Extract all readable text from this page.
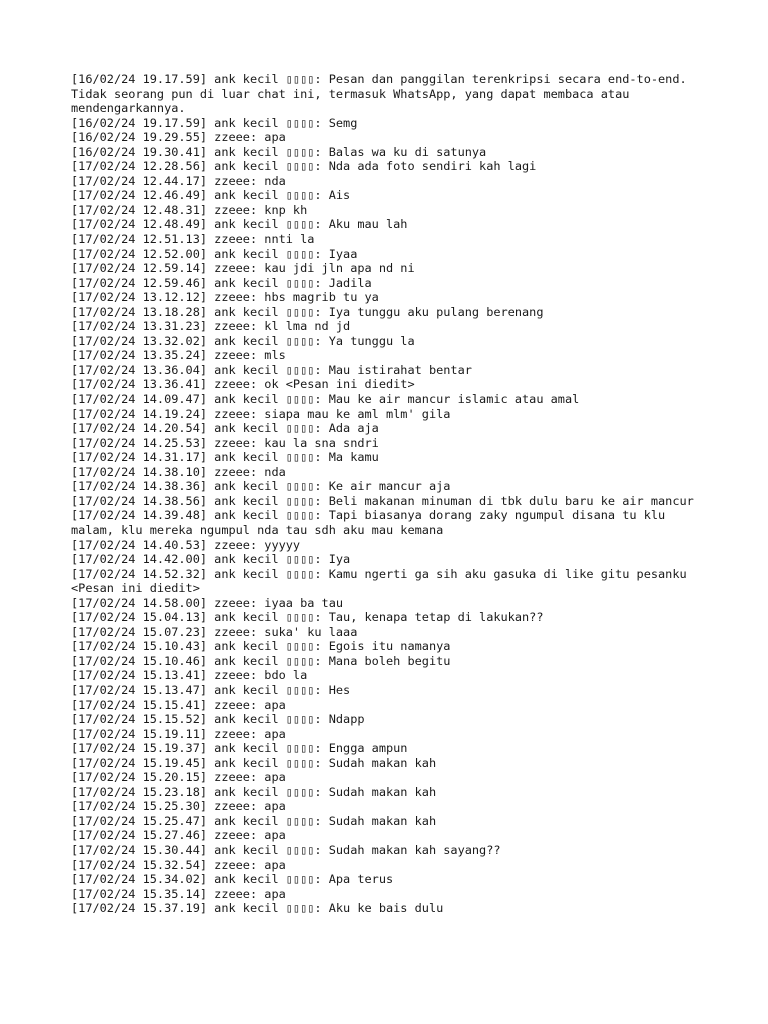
[16/02/24 19.17.59] ank kecil ▯▯▯▯: Pesan dan panggilan terenkripsi secara end-to-end. Tidak seorang pun di luar chat ini, termasuk WhatsApp, yang dapat membaca atau mendengarkannya.
[16/02/24 19.17.59] ank kecil ▯▯▯▯: Semg
[16/02/24 19.29.55] zzeee: apa
[16/02/24 19.30.41] ank kecil ▯▯▯▯: Balas wa ku di satunya
[17/02/24 12.28.56] ank kecil ▯▯▯▯: Nda ada foto sendiri kah lagi
[17/02/24 12.44.17] zzeee: nda
[17/02/24 12.46.49] ank kecil ▯▯▯▯: Ais
[17/02/24 12.48.31] zzeee: knp kh
[17/02/24 12.48.49] ank kecil ▯▯▯▯: Aku mau lah
[17/02/24 12.51.13] zzeee: nnti la
[17/02/24 12.52.00] ank kecil ▯▯▯▯: Iyaa
[17/02/24 12.59.14] zzeee: kau jdi jln apa nd ni
[17/02/24 12.59.46] ank kecil ▯▯▯▯: Jadila
[17/02/24 13.12.12] zzeee: hbs magrib tu ya
[17/02/24 13.18.28] ank kecil ▯▯▯▯: Iya tunggu aku pulang berenang
[17/02/24 13.31.23] zzeee: kl lma nd jd
[17/02/24 13.32.02] ank kecil ▯▯▯▯: Ya tunggu la
[17/02/24 13.35.24] zzeee: mls
[17/02/24 13.36.04] ank kecil ▯▯▯▯: Mau istirahat bentar
[17/02/24 13.36.41] zzeee: ok <Pesan ini diedit>
[17/02/24 14.09.47] ank kecil ▯▯▯▯: Mau ke air mancur islamic atau amal
[17/02/24 14.19.24] zzeee: siapa mau ke aml mlm' gila
[17/02/24 14.20.54] ank kecil ▯▯▯▯: Ada aja
[17/02/24 14.25.53] zzeee: kau la sna sndri
[17/02/24 14.31.17] ank kecil ▯▯▯▯: Ma kamu
[17/02/24 14.38.10] zzeee: nda
[17/02/24 14.38.36] ank kecil ▯▯▯▯: Ke air mancur aja
[17/02/24 14.38.56] ank kecil ▯▯▯▯: Beli makanan minuman di tbk dulu baru ke air mancur
[17/02/24 14.39.48] ank kecil ▯▯▯▯: Tapi biasanya dorang zaky ngumpul disana tu klu malam, klu mereka ngumpul nda tau sdh aku mau kemana
[17/02/24 14.40.53] zzeee: yyyyy
[17/02/24 14.42.00] ank kecil ▯▯▯▯: Iya
[17/02/24 14.52.32] ank kecil ▯▯▯▯: Kamu ngerti ga sih aku gasuka di like gitu pesanku <Pesan ini diedit>
[17/02/24 14.58.00] zzeee: iyaa ba tau
[17/02/24 15.04.13] ank kecil ▯▯▯▯: Tau, kenapa tetap di lakukan??
[17/02/24 15.07.23] zzeee: suka' ku laaa
[17/02/24 15.10.43] ank kecil ▯▯▯▯: Egois itu namanya
[17/02/24 15.10.46] ank kecil ▯▯▯▯: Mana boleh begitu
[17/02/24 15.13.41] zzeee: bdo la
[17/02/24 15.13.47] ank kecil ▯▯▯▯: Hes
[17/02/24 15.15.41] zzeee: apa
[17/02/24 15.15.52] ank kecil ▯▯▯▯: Ndapp
[17/02/24 15.19.11] zzeee: apa
[17/02/24 15.19.37] ank kecil ▯▯▯▯: Engga ampun
[17/02/24 15.19.45] ank kecil ▯▯▯▯: Sudah makan kah
[17/02/24 15.20.15] zzeee: apa
[17/02/24 15.23.18] ank kecil ▯▯▯▯: Sudah makan kah
[17/02/24 15.25.30] zzeee: apa
[17/02/24 15.25.47] ank kecil ▯▯▯▯: Sudah makan kah
[17/02/24 15.27.46] zzeee: apa
[17/02/24 15.30.44] ank kecil ▯▯▯▯: Sudah makan kah sayang??
[17/02/24 15.32.54] zzeee: apa
[17/02/24 15.34.02] ank kecil ▯▯▯▯: Apa terus
[17/02/24 15.35.14] zzeee: apa
[17/02/24 15.37.19] ank kecil ▯▯▯▯: Aku ke bais dulu
